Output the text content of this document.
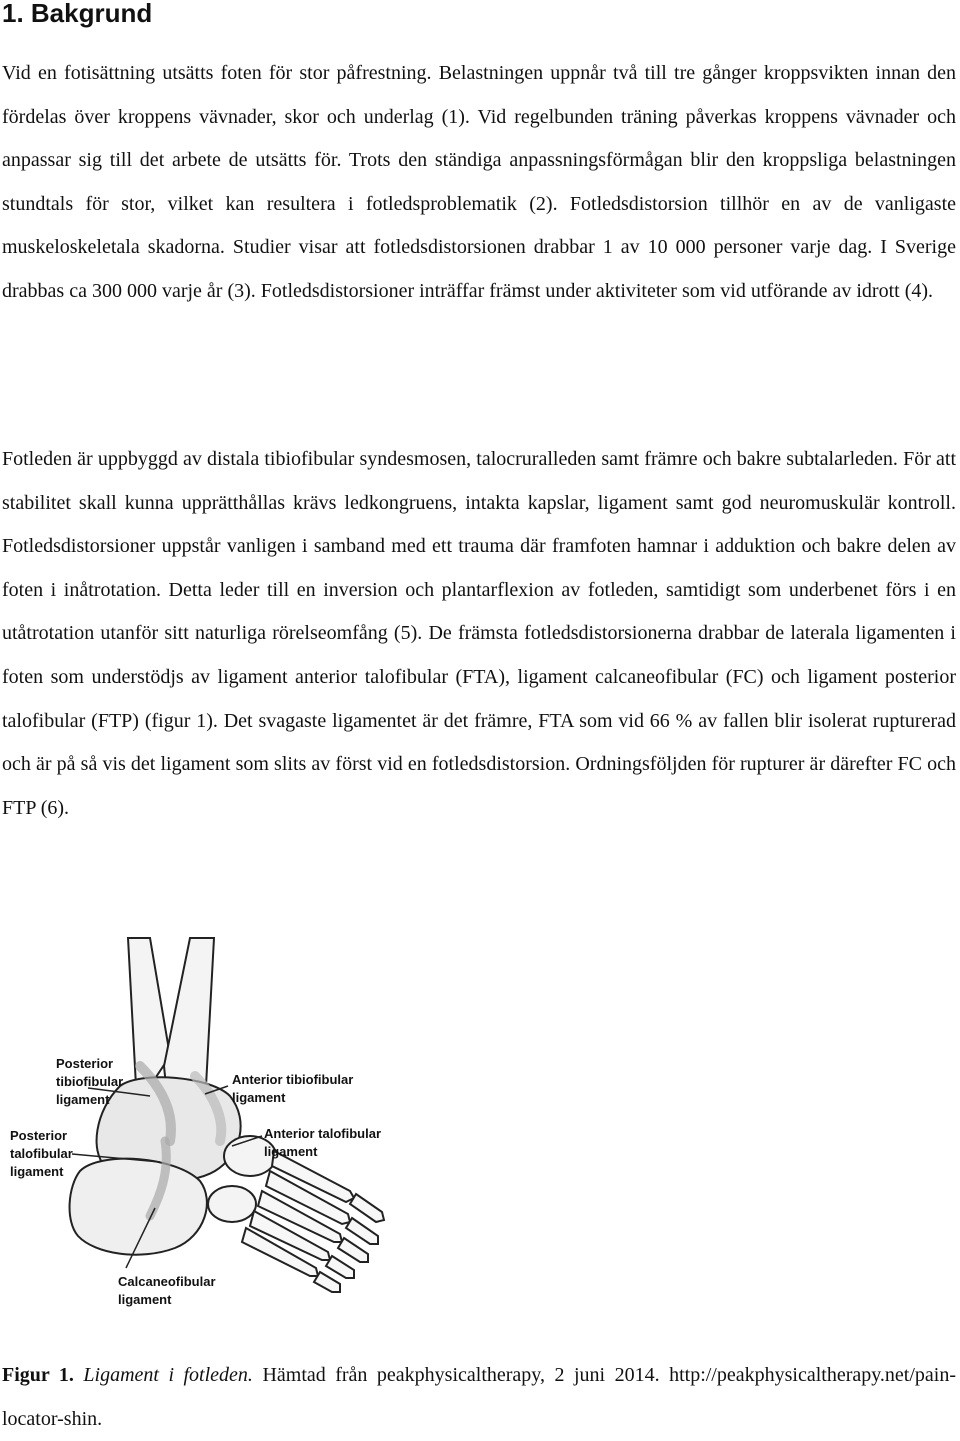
1. Bakgrund

Vid en fotisättning utsätts foten för stor påfrestning. Belastningen uppnår två till tre gånger kroppsvikten innan den fördelas över kroppens vävnader, skor och underlag (1). Vid regelbunden träning påverkas kroppens vävnader och anpassar sig till det arbete de utsätts för. Trots den ständiga anpassningsförmågan blir den kroppsliga belastningen stundtals för stor, vilket kan resultera i fotledsproblematik (2). Fotledsdistorsion tillhör en av de vanligaste muskeloskeletala skadorna. Studier visar att fotledsdistorsionen drabbar 1 av 10 000 personer varje dag. I Sverige drabbas ca 300 000 varje år (3). Fotledsdistorsioner inträffar främst under aktiviteter som vid utförande av idrott (4).

Fotleden är uppbyggd av distala tibiofibular syndesmosen, talocruralleden samt främre och bakre subtalarleden. För att stabilitet skall kunna upprätthållas krävs ledkongruens, intakta kapslar, ligament samt god neuromuskulär kontroll. Fotledsdistorsioner uppstår vanligen i samband med ett trauma där framfoten hamnar i adduktion och bakre delen av foten i inåtrotation. Detta leder till en inversion och plantarflexion av fotleden, samtidigt som underbenet förs i en utåtrotation utanför sitt naturliga rörelseomfång (5). De främsta fotledsdistorsionerna drabbar de laterala ligamenten i foten som understödjs av ligament anterior talofibular (FTA), ligament calcaneofibular (FC) och ligament posterior talofibular (FTP) (figur 1). Det svagaste ligamentet är det främre, FTA som vid 66 % av fallen blir isolerat rupturerad och är på så vis det ligament som slits av först vid en fotledsdistorsion. Ordningsföljden för rupturer är därefter FC och FTP (6).

Posterior tibiofibular ligament
Posterior talofibular ligament
Anterior tibiofibular ligament
Anterior talofibular ligament
Calcaneofibular ligament

Figur 1. Ligament i fotleden. Hämtad från peakphysicaltherapy, 2 juni 2014. http://peakphysicaltherapy.net/pain-locator-shin.
